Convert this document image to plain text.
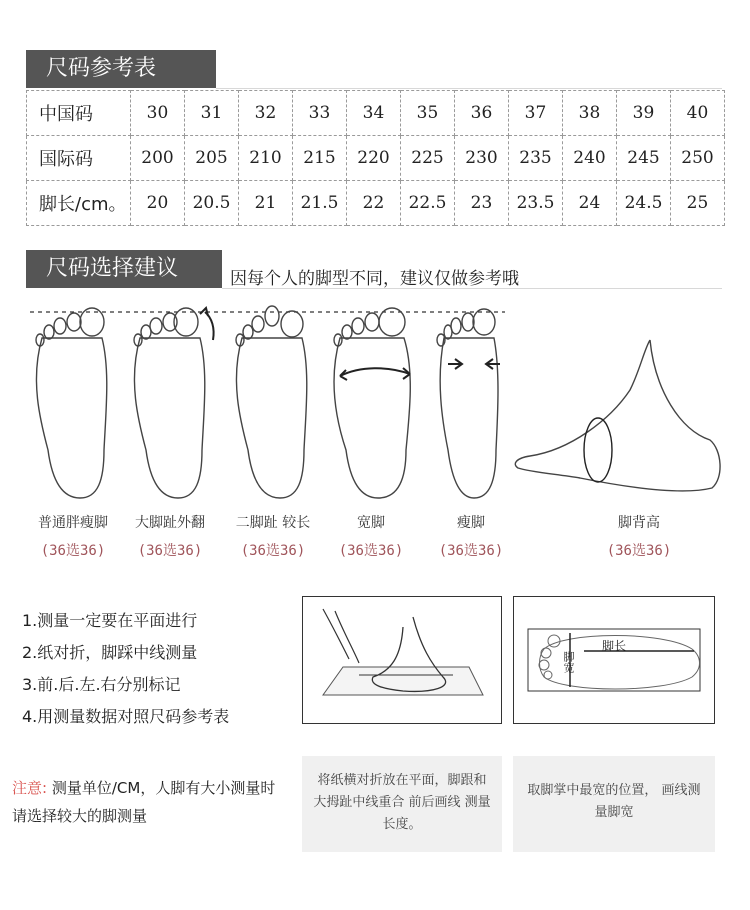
尺码参考表
中国码	30	31	32	33	34	35	36	37	38	39	40
国际码	200	205	210	215	220	225	230	235	240	245	250
脚长/cm。	20	20.5	21	21.5	22	22.5	23	23.5	24	24.5	25
尺码选择建议	因每个人的脚型不同，建议仅做参考哦
普通胖瘦脚
(36选36)
大脚趾外翻
(36选36)
二脚趾 较长
(36选36)
宽脚
(36选36)
瘦脚
(36选36)
脚背高
(36选36)
1.测量一定要在平面进行
2.纸对折，脚踩中线测量
3.前.后.左.右分别标记
4.用测量数据对照尺码参考表
脚宽
脚长
注意: 测量单位/CM，人脚有大小测量时请选择较大的脚测量
将纸横对折放在平面，脚跟和大拇趾中线重合 前后画线 测量长度。
取脚掌中最宽的位置， 画线测量脚宽
